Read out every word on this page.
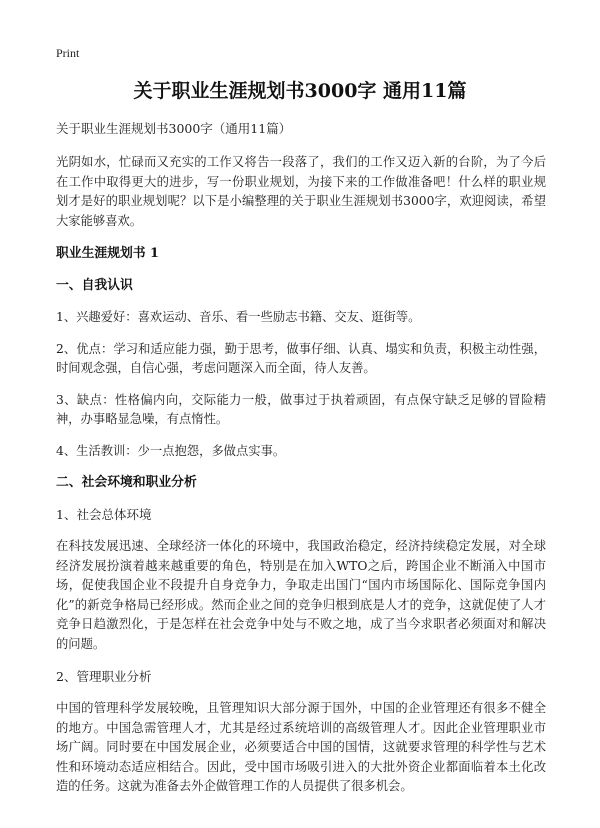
Print
关于职业生涯规划书3000字 通用11篇
关于职业生涯规划书3000字（通用11篇）

光阴如水，忙碌而又充实的工作又将告一段落了，我们的工作又迈入新的台阶，为了今后在工作中取得更大的进步，写一份职业规划，为接下来的工作做准备吧！什么样的职业规划才是好的职业规划呢？以下是小编整理的关于职业生涯规划书3000字，欢迎阅读，希望大家能够喜欢。

职业生涯规划书 1
一、自我认识

1、兴趣爱好：喜欢运动、音乐、看一些励志书籍、交友、逛街等。

2、优点：学习和适应能力强，勤于思考，做事仔细、认真、塌实和负责，积极主动性强，时间观念强，自信心强，考虑问题深入而全面，待人友善。

3、缺点：性格偏内向，交际能力一般，做事过于执着顽固，有点保守缺乏足够的冒险精神，办事略显急噪，有点惰性。

4、生活教训：少一点抱怨，多做点实事。

二、社会环境和职业分析
1、社会总体环境

在科技发展迅速、全球经济一体化的环境中，我国政治稳定，经济持续稳定发展，对全球经济发展扮演着越来越重要的角色，特别是在加入WTO之后，跨国企业不断涌入中国市场，促使我国企业不段提升自身竞争力，争取走出国门“国内市场国际化、国际竞争国内化”的新竞争格局已经形成。然而企业之间的竞争归根到底是人才的竞争，这就促使了人才竞争日趋激烈化，于是怎样在社会竞争中处与不败之地，成了当今求职者必须面对和解决的问题。

2、管理职业分析

中国的管理科学发展较晚，且管理知识大部分源于国外，中国的企业管理还有很多不健全的地方。中国急需管理人才，尤其是经过系统培训的高级管理人才。因此企业管理职业市场广阔。同时要在中国发展企业，必须要适合中国的国情，这就要求管理的科学性与艺术性和环境动态适应相结合。因此，受中国市场吸引进入的大批外资企业都面临着本土化改造的任务。这就为准备去外企做管理工作的人员提供了很多机会。
